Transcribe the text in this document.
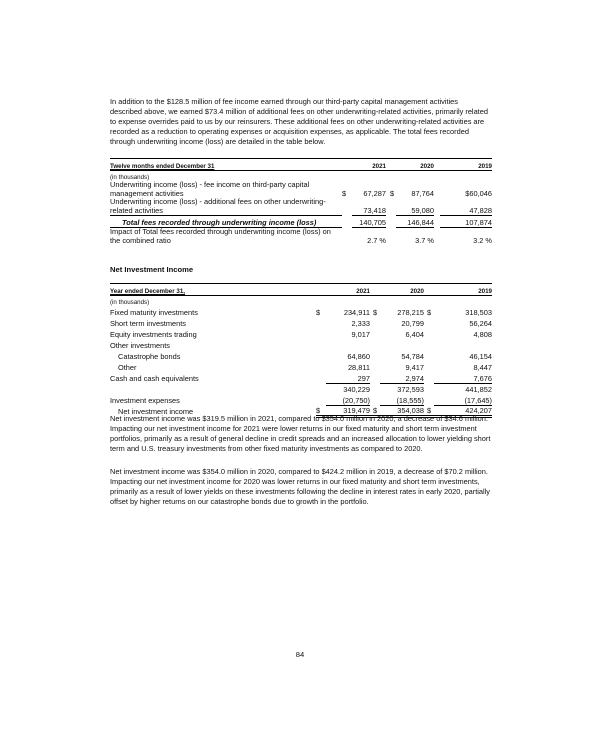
In addition to the $128.5 million of fee income earned through our third-party capital management activities described above, we earned $73.4 million of additional fees on other underwriting-related activities, primarily related to expense overrides paid to us by our reinsurers. These additional fees on other underwriting-related activities are recorded as a reduction to operating expenses or acquisition expenses, as applicable. The total fees recorded through underwriting income (loss) are detailed in the table below.

Twelve months ended December 31		2021		2020		2019
(in thousands)						
Underwriting income (loss) - fee income on third-party capital management activities	$	67,287	$	87,764		$60,046
Underwriting income (loss) - additional fees on other underwriting-related activities		73,418		59,080		47,828
Total fees recorded through underwriting income (loss)		140,705		146,844		107,874
Impact of Total fees recorded through underwriting income (loss) on the combined ratio		2.7 %		3.7 %		3.2 %
Net Investment Income
Year ended December 31,		2021		2020		2019
(in thousands)						
Fixed maturity investments	$	234,911	$	278,215	$	318,503
Short term investments		2,333		20,799		56,264
Equity investments trading		9,017		6,404		4,808
Other investments						
Catastrophe bonds		64,860		54,784		46,154
Other		28,811		9,417		8,447
Cash and cash equivalents		297		2,974		7,676
		340,229		372,593		441,852
Investment expenses		(20,750)		(18,555)		(17,645)
Net investment income	$	319,479	$	354,038	$	424,207

Net investment income was $319.5 million in 2021, compared to $354.0 million in 2020, a decrease of $34.6 million. Impacting our net investment income for 2021 were lower returns in our fixed maturity and short term investment portfolios, primarily as a result of general decline in credit spreads and an increased allocation to lower yielding short term and U.S. treasury investments from other fixed maturity investments as compared to 2020.

Net investment income was $354.0 million in 2020, compared to $424.2 million in 2019, a decrease of $70.2 million. Impacting our net investment income for 2020 was lower returns in our fixed maturity and short term investments, primarily as a result of lower yields on these investments following the decline in interest rates in early 2020, partially offset by higher returns on our catastrophe bonds due to growth in the portfolio.

84
